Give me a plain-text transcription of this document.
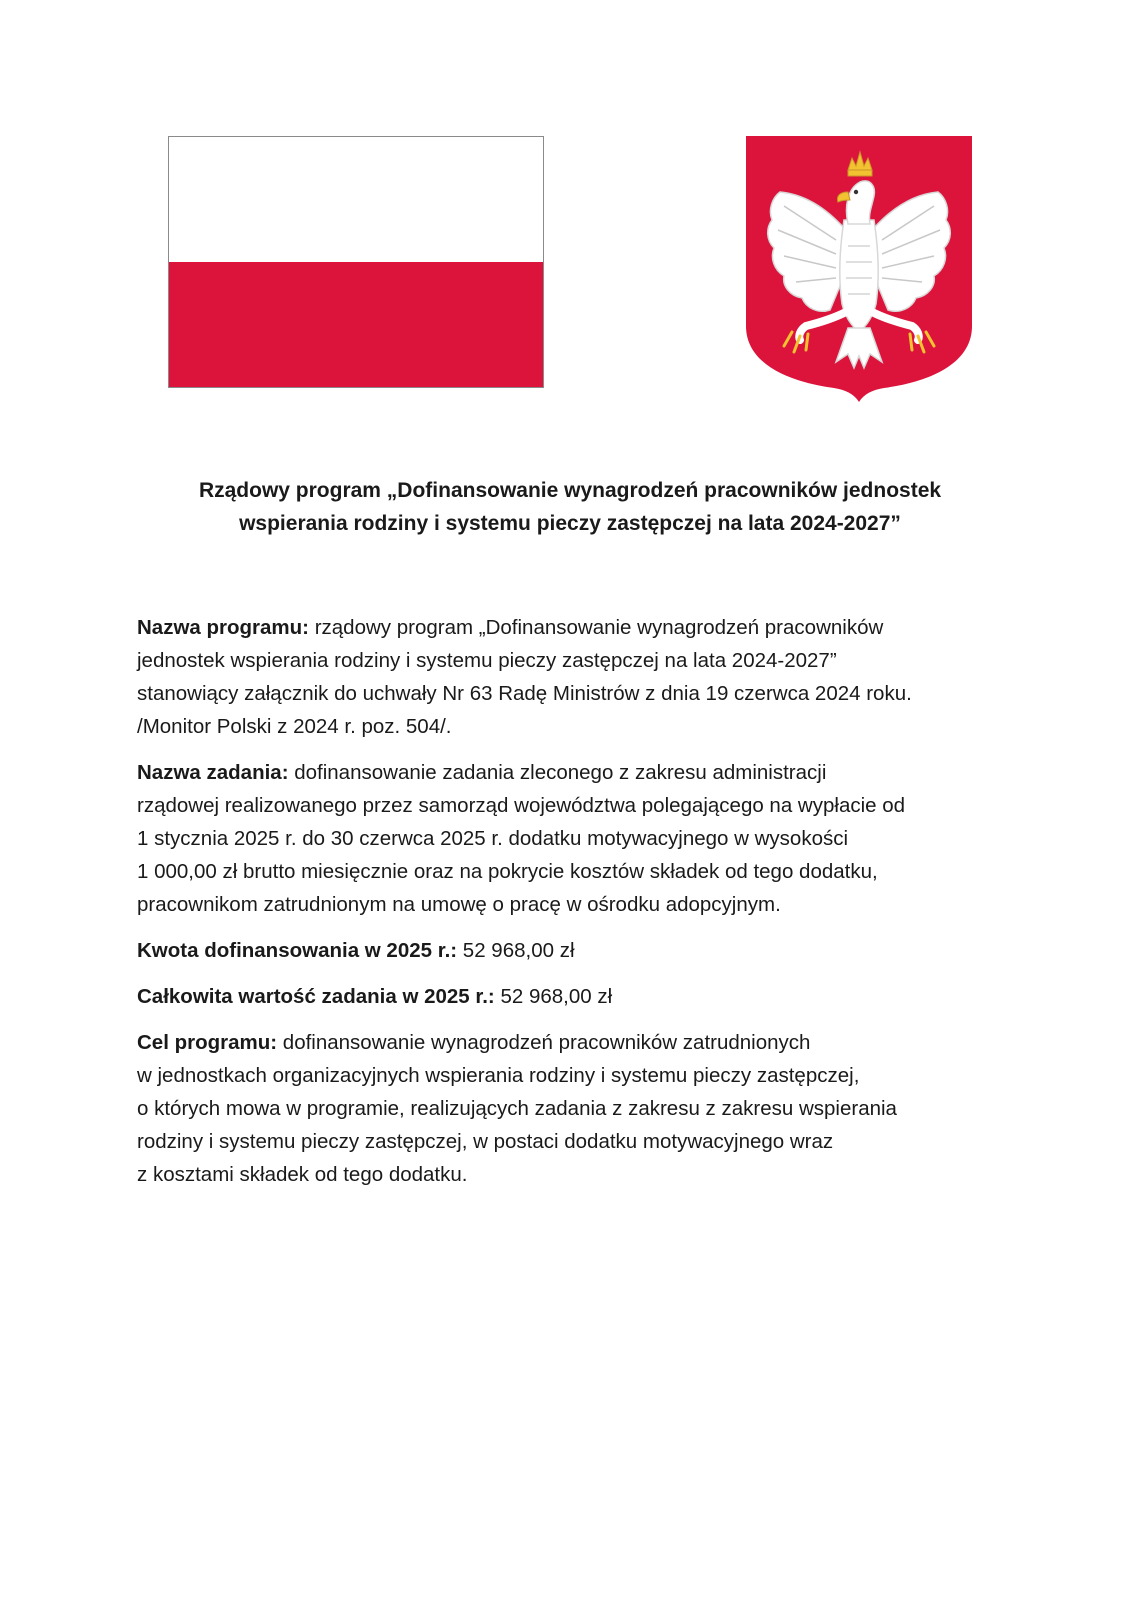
Rządowy program „Dofinansowanie wynagrodzeń pracowników jednostek
wspierania rodziny i systemu pieczy zastępczej na lata 2024-2027”
Nazwa programu: rządowy program „Dofinansowanie wynagrodzeń pracowników
jednostek wspierania rodziny i systemu pieczy zastępczej na lata 2024-2027”
stanowiący załącznik do uchwały Nr 63 Radę Ministrów z dnia 19 czerwca 2024 roku.
/Monitor Polski z 2024 r. poz. 504/.
Nazwa zadania: dofinansowanie zadania zleconego z zakresu administracji
rządowej realizowanego przez samorząd województwa polegającego na wypłacie od
1 stycznia 2025 r. do 30 czerwca 2025 r. dodatku motywacyjnego w wysokości
1 000,00 zł brutto miesięcznie oraz na pokrycie kosztów składek od tego dodatku,
pracownikom zatrudnionym na umowę o pracę w ośrodku adopcyjnym.
Kwota dofinansowania w 2025 r.: 52 968,00 zł
Całkowita wartość zadania w 2025 r.: 52 968,00 zł
Cel programu: dofinansowanie wynagrodzeń pracowników zatrudnionych
w jednostkach organizacyjnych wspierania rodziny i systemu pieczy zastępczej,
o których mowa w programie, realizujących zadania z zakresu z zakresu wspierania
rodziny i systemu pieczy zastępczej, w postaci dodatku motywacyjnego wraz
z kosztami składek od tego dodatku.
